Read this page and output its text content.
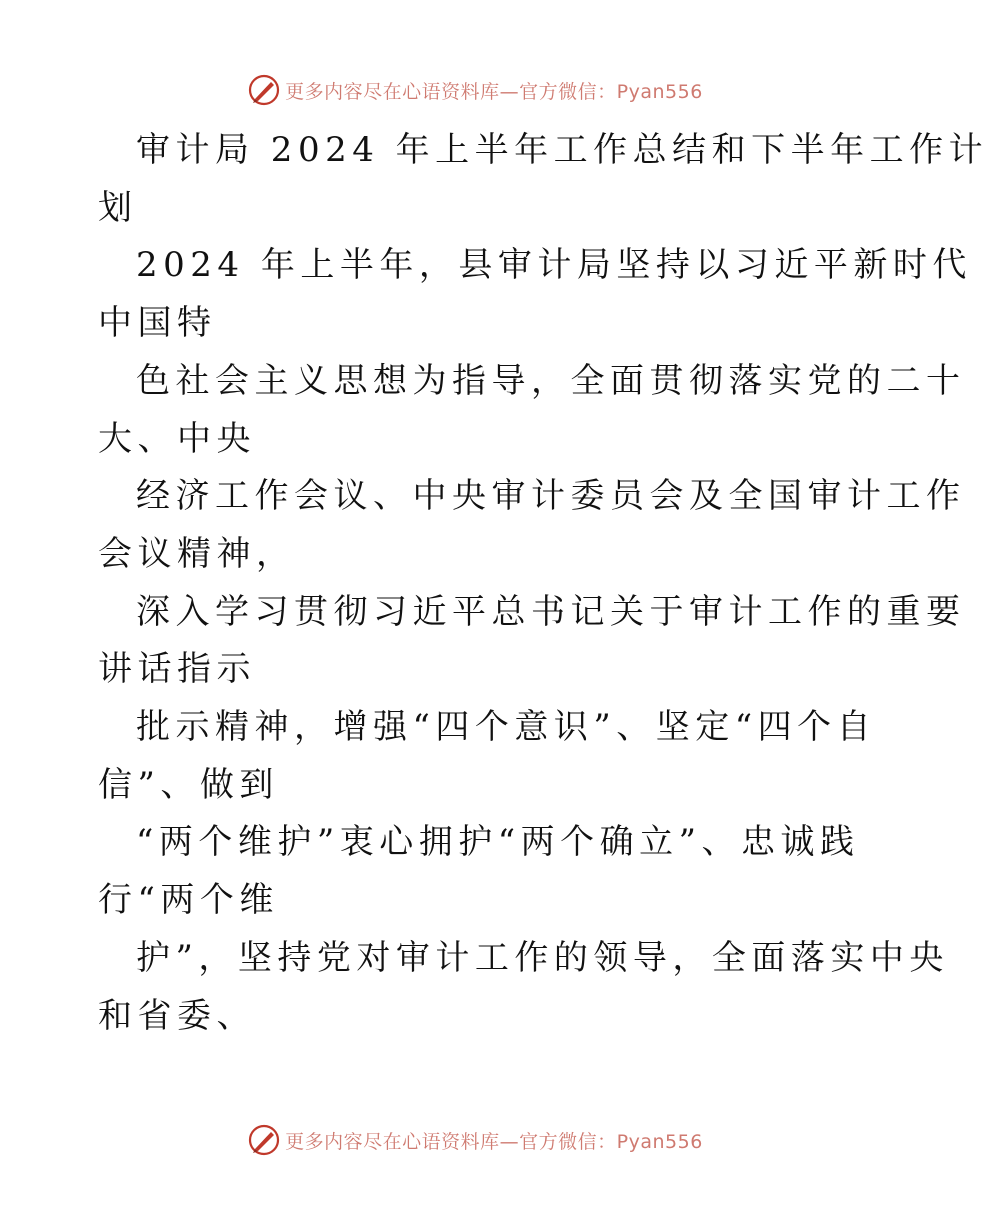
更多内容尽在心语资料库—官方微信：Pyan556
审计局 2024 年上半年工作总结和下半年工作计
划
2024 年上半年，县审计局坚持以习近平新时代
中国特
色社会主义思想为指导，全面贯彻落实党的二十
大、中央
经济工作会议、中央审计委员会及全国审计工作
会议精神，
深入学习贯彻习近平总书记关于审计工作的重要
讲话指示
批示精神，增强“四个意识”、坚定“四个自
信”、做到
“两个维护”衷心拥护“两个确立”、忠诚践
行“两个维
护”，坚持党对审计工作的领导，全面落实中央
和省委、
更多内容尽在心语资料库—官方微信：Pyan556
